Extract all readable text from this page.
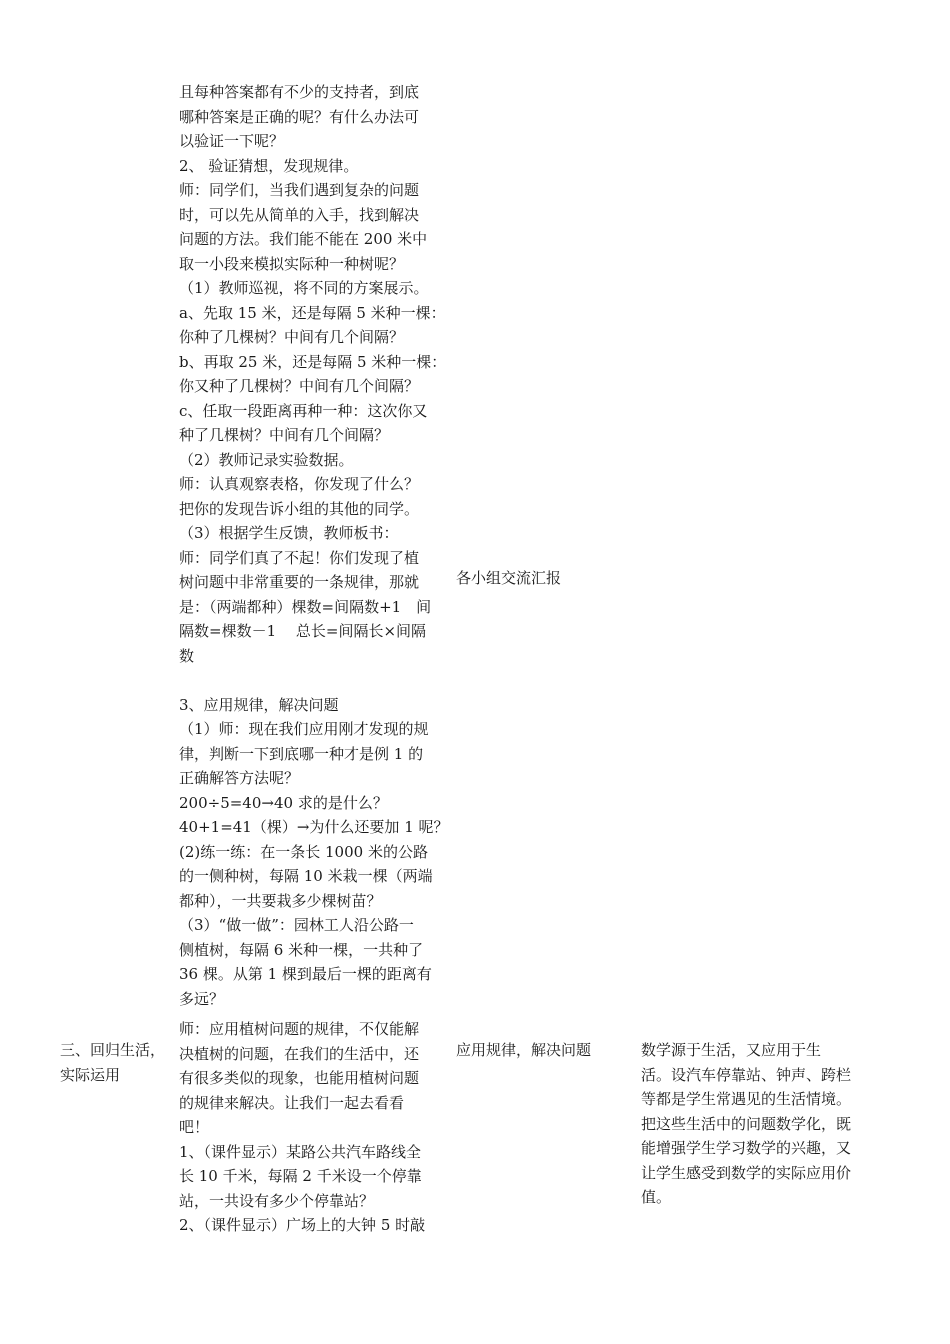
且每种答案都有不少的支持者，到底
哪种答案是正确的呢？有什么办法可
以验证一下呢？
2、 验证猜想，发现规律。
师：同学们，当我们遇到复杂的问题
时，可以先从简单的入手，找到解决
问题的方法。我们能不能在 200 米中
取一小段来模拟实际种一种树呢？
（1）教师巡视，将不同的方案展示。
a、先取 15 米，还是每隔 5 米种一棵：
你种了几棵树？中间有几个间隔？
b、再取 25 米，还是每隔 5 米种一棵：
你又种了几棵树？中间有几个间隔？
c、任取一段距离再种一种：这次你又
种了几棵树？中间有几个间隔？
（2）教师记录实验数据。
师：认真观察表格，你发现了什么？
把你的发现告诉小组的其他的同学。
（3）根据学生反馈，教师板书：
师：同学们真了不起！你们发现了植
树问题中非常重要的一条规律，那就
是：（两端都种）棵数=间隔数+1　间
隔数=棵数－1　 总长=间隔长×间隔
数
3、应用规律，解决问题
（1）师：现在我们应用刚才发现的规
律，判断一下到底哪一种才是例 1 的
正确解答方法呢？
200÷5=40→40 求的是什么？
40+1=41（棵）→为什么还要加 1 呢？
(2)练一练：在一条长 1000 米的公路
的一侧种树，每隔 10 米栽一棵（两端
都种），一共要栽多少棵树苗？
（3）“做一做”：园林工人沿公路一
侧植树，每隔 6 米种一棵，一共种了
36 棵。从第 1 棵到最后一棵的距离有
多远？
师：应用植树问题的规律，不仅能解
决植树的问题，在我们的生活中，还
有很多类似的现象，也能用植树问题
的规律来解决。让我们一起去看看
吧！
1、（课件显示）某路公共汽车路线全
长 10 千米，每隔 2 千米设一个停靠
站，一共设有多少个停靠站？
2、（课件显示）广场上的大钟 5 时敲
三、回归生活，
实际运用
各小组交流汇报
应用规律，解决问题	数学源于生活，又应用于生
活。设汽车停靠站、钟声、跨栏
等都是学生常遇见的生活情境。
把这些生活中的问题数学化，既
能增强学生学习数学的兴趣，又
让学生感受到数学的实际应用价
值。
